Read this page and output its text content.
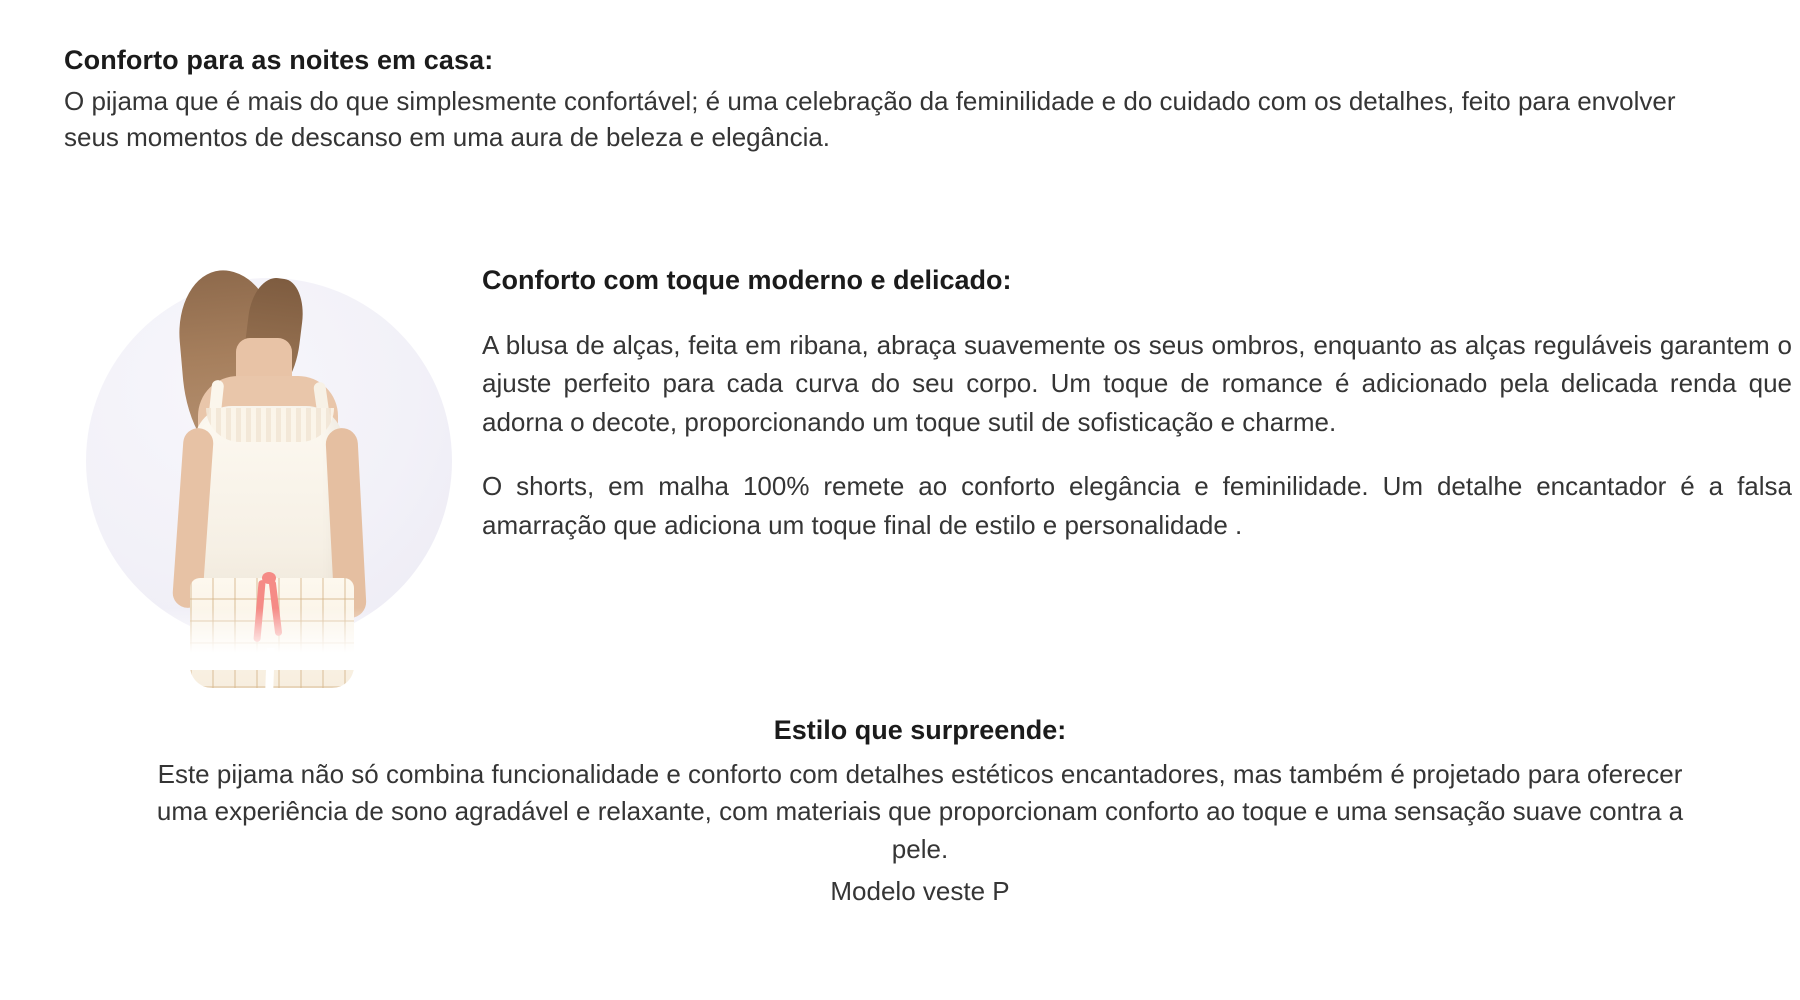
Conforto para as noites em casa:
O pijama que é mais do que simplesmente confortável; é uma celebração da feminilidade e do cuidado com os detalhes, feito para envolver seus momentos de descanso em uma aura de beleza e elegância.
Conforto com toque moderno e delicado:

A blusa de alças, feita em ribana, abraça suavemente os seus ombros, enquanto as alças reguláveis garantem o ajuste perfeito para cada curva do seu corpo. Um toque de romance é adicionado pela delicada renda que adorna o decote, proporcionando um toque sutil de sofisticação e charme.

O shorts, em malha 100% remete ao conforto elegância e feminilidade. Um detalhe encantador é a falsa amarração que adiciona um toque final de estilo e personalidade .

Estilo que surpreende:
Este pijama não só combina funcionalidade e conforto com detalhes estéticos encantadores, mas também é projetado para oferecer uma experiência de sono agradável e relaxante, com materiais que proporcionam conforto ao toque e uma sensação suave contra a pele.
Modelo veste P
